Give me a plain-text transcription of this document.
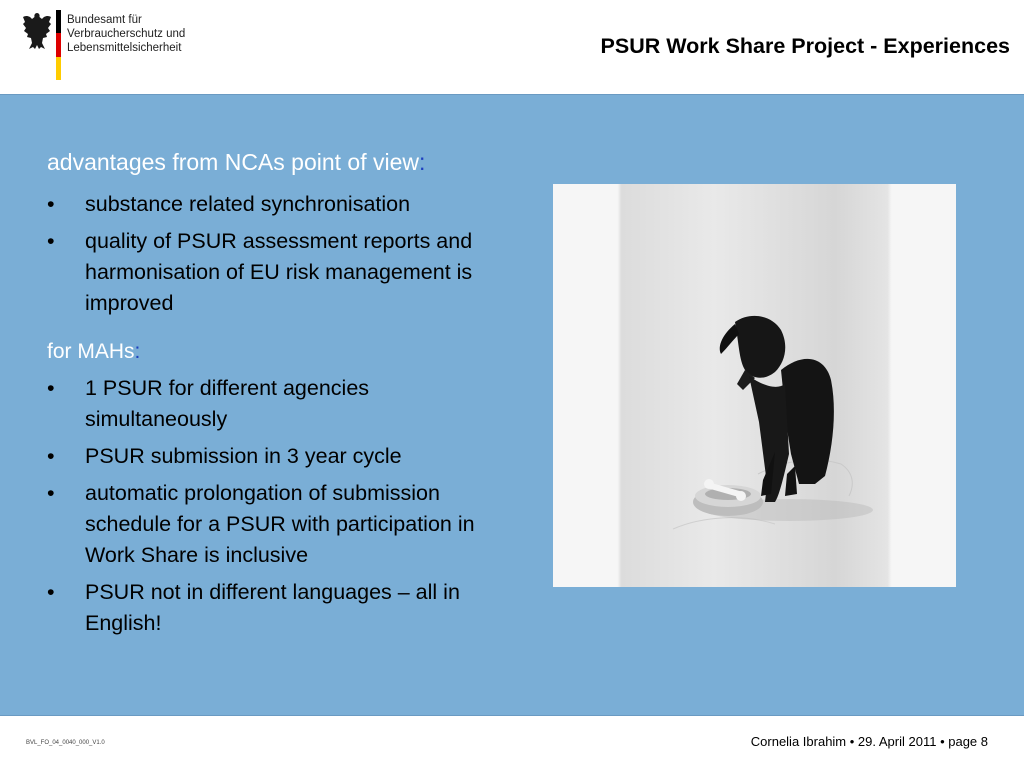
Bundesamt für
Verbraucherschutz und
Lebensmittelsicherheit	PSUR Work Share Project - Experiences
advantages from NCAs point of view:
• substance related synchronisation
• quality of PSUR assessment reports and harmonisation of EU risk management is improved
for MAHs:
• 1 PSUR for different agencies simultaneously
• PSUR submission in 3 year cycle
• automatic prolongation of submission schedule for a PSUR with participation in Work Share is inclusive
• PSUR not in different languages – all in English!
BVL_FO_04_0040_000_V1.0	Cornelia Ibrahim • 29. April 2011 • page 8
